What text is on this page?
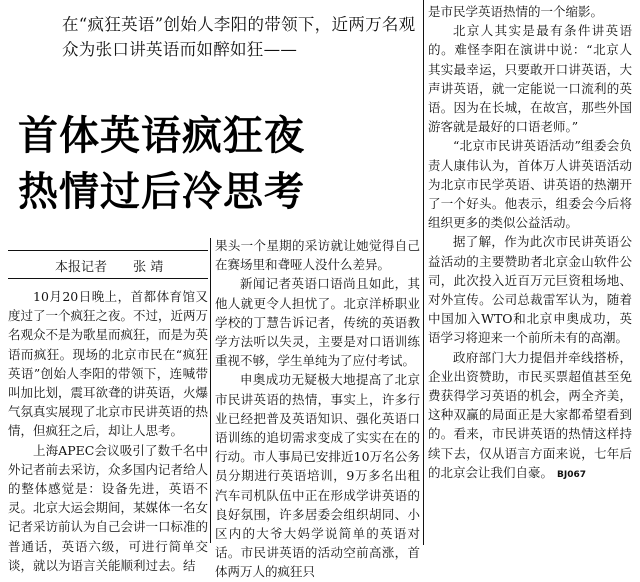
在“疯狂英语”创始人李阳的带领下，近两万名观众为张口讲英语而如醉如狂——
首体英语疯狂夜
热情过后冷思考
本报记者 张 靖

10月20日晚上，首都体育馆又度过了一个疯狂之夜。不过，近两万名观众不是为歌星而疯狂，而是为英语而疯狂。现场的北京市民在“疯狂英语”创始人李阳的带领下，连喊带叫加比划，震耳欲聋的讲英语，火爆气氛真实展现了北京市民讲英语的热情，但疯狂之后，却让人思考。

上海APEC会议吸引了数千名中外记者前去采访，众多国内记者给人的整体感觉是：设备先进，英语不灵。北京大运会期间，某媒体一名女记者采访前认为自己会讲一口标准的普通话，英语六级，可进行简单交谈，就以为语言关能顺利过去。结

果头一个星期的采访就让她觉得自己在赛场里和聋哑人没什么差异。

新闻记者英语口语尚且如此，其他人就更令人担忧了。北京洋桥职业学校的丁慧告诉记者，传统的英语教学方法听以失灵，主要是对口语训练重视不够，学生单纯为了应付考试。

申奥成功无疑极大地提高了北京市民讲英语的热情，事实上，许多行业已经把普及英语知识、强化英语口语训练的追切需求变成了实实在在的行动。市人事局已安排近10万名公务员分期进行英语培训，9万多名出租汽车司机队伍中正在形成学讲英语的良好氛围，许多居委会组织胡同、小区内的大爷大妈学说简单的英语对话。市民讲英语的活动空前高涨，首体两万人的疯狂只

是市民学英语热情的一个缩影。

北京人其实是最有条件讲英语的。难怪李阳在演讲中说：“北京人其实最幸运，只要敢开口讲英语，大声讲英语，就一定能说一口流利的英语。因为在长城，在故宫，那些外国游客就是最好的口语老师。”

“北京市民讲英语活动”组委会负责人康伟认为，首体万人讲英语活动为北京市民学英语、讲英语的热潮开了一个好头。他表示，组委会今后将组织更多的类似公益活动。

据了解，作为此次市民讲英语公益活动的主要赞助者北京金山软件公司，此次投入近百万元巨资租场地、对外宣传。公司总裁雷军认为，随着中国加入WTO和北京申奥成功，英语学习将迎来一个前所未有的高潮。

政府部门大力提倡并牵线搭桥，企业出资赞助，市民买票超值甚至免费获得学习英语的机会，两全齐美，这种双赢的局面正是大家都希望看到的。看来，市民讲英语的热情这样持续下去，仅从语言方面来说，七年后的北京会让我们自豪。 BJ067
